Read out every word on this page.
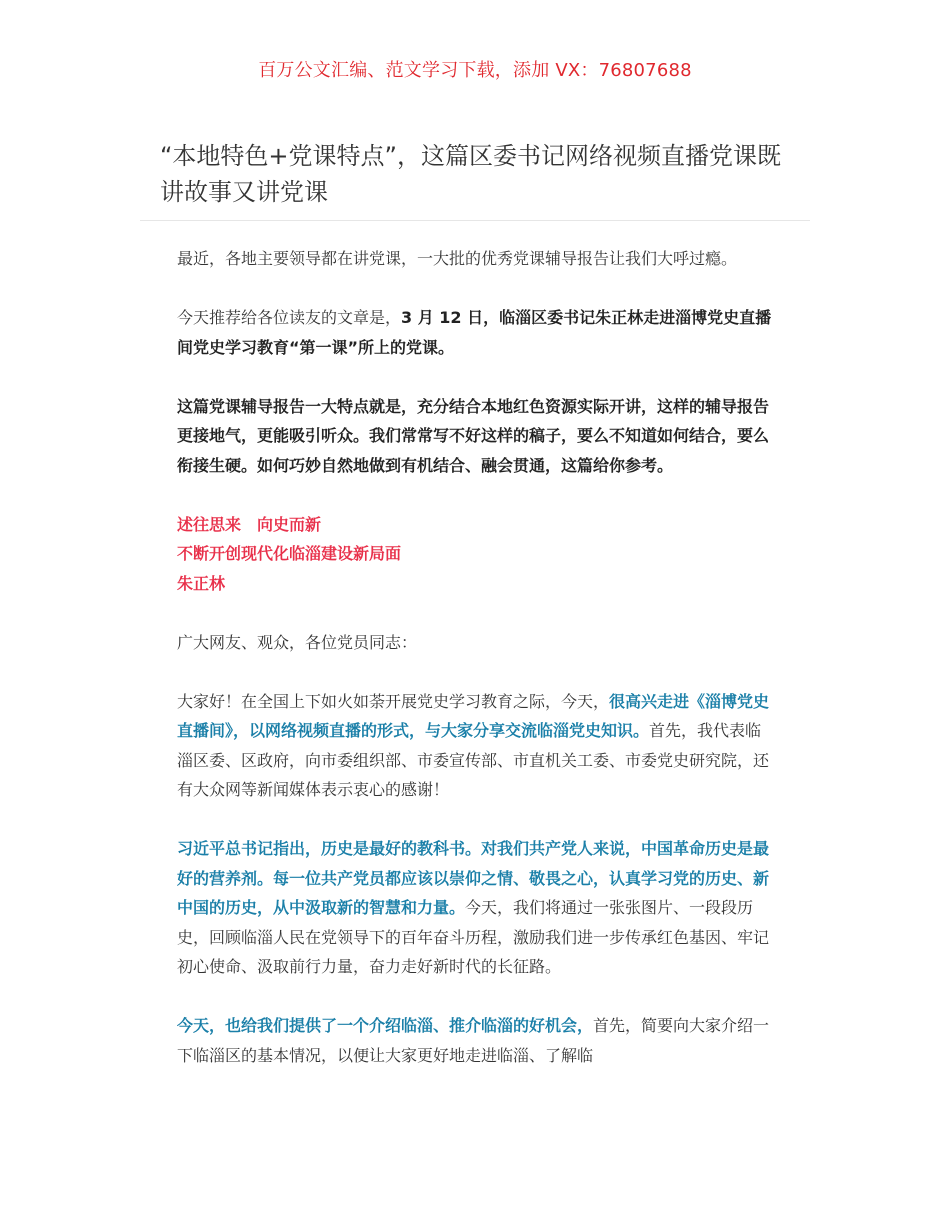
百万公文汇编、范文学习下载，添加 VX：76807688
“本地特色+党课特点”，这篇区委书记网络视频直播党课既讲故事又讲党课

最近，各地主要领导都在讲党课，一大批的优秀党课辅导报告让我们大呼过瘾。

今天推荐给各位读友的文章是，3 月 12 日，临淄区委书记朱正林走进淄博党史直播间党史学习教育“第一课”所上的党课。

这篇党课辅导报告一大特点就是，充分结合本地红色资源实际开讲，这样的辅导报告更接地气，更能吸引听众。我们常常写不好这样的稿子，要么不知道如何结合，要么衔接生硬。如何巧妙自然地做到有机结合、融会贯通，这篇给你参考。

述往思来　向史而新

不断开创现代化临淄建设新局面

朱正林

广大网友、观众，各位党员同志：

大家好！在全国上下如火如荼开展党史学习教育之际，今天，很高兴走进《淄博党史直播间》，以网络视频直播的形式，与大家分享交流临淄党史知识。首先，我代表临淄区委、区政府，向市委组织部、市委宣传部、市直机关工委、市委党史研究院，还有大众网等新闻媒体表示衷心的感谢！

习近平总书记指出，历史是最好的教科书。对我们共产党人来说，中国革命历史是最好的营养剂。每一位共产党员都应该以崇仰之情、敬畏之心，认真学习党的历史、新中国的历史，从中汲取新的智慧和力量。今天，我们将通过一张张图片、一段段历史，回顾临淄人民在党领导下的百年奋斗历程，激励我们进一步传承红色基因、牢记初心使命、汲取前行力量，奋力走好新时代的长征路。

今天，也给我们提供了一个介绍临淄、推介临淄的好机会，首先，简要向大家介绍一下临淄区的基本情况，以便让大家更好地走进临淄、了解临
